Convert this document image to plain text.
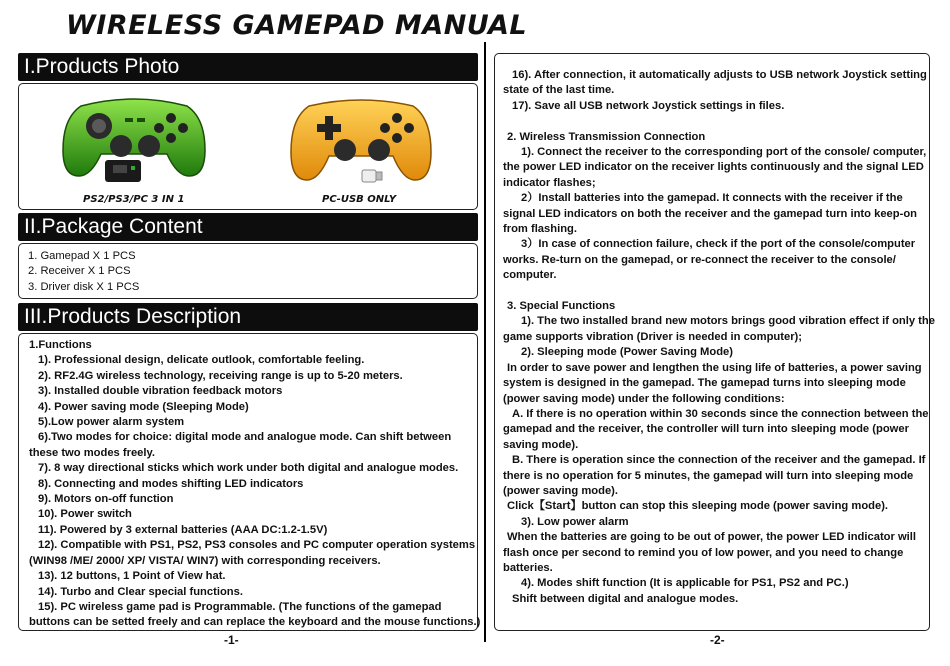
WIRELESS GAMEPAD MANUAL
I.Products Photo
PS2/PS3/PC 3 IN 1	PC-USB ONLY
II.Package Content
1. Gamepad X 1 PCS
2. Receiver X 1 PCS
3. Driver disk X 1 PCS
III.Products Description
1.Functions
1). Professional design, delicate outlook, comfortable feeling.
2). RF2.4G wireless technology, receiving range is up to 5-20 meters.
3). Installed double vibration feedback motors
4). Power saving mode (Sleeping Mode)
5).Low power alarm system
6).Two modes for choice: digital mode and analogue mode. Can shift between
these two modes freely.
7). 8 way directional sticks which work under both digital and analogue modes.
8). Connecting and modes shifting LED indicators
9). Motors on-off function
10). Power switch
11). Powered by 3 external batteries (AAA DC:1.2-1.5V)
12). Compatible with PS1, PS2, PS3 consoles and PC computer operation systems
(WIN98 /ME/ 2000/ XP/ VISTA/ WIN7) with corresponding receivers.
13). 12 buttons, 1 Point of View hat.
14). Turbo and Clear special functions.
15). PC wireless game pad is Programmable. (The functions of the gamepad
buttons can be setted freely and can replace the keyboard and the mouse functions.)
16). After connection, it automatically adjusts to USB network Joystick setting
state of the last time.
17). Save all USB network Joystick settings in files.
2. Wireless Transmission Connection
1). Connect the receiver to the corresponding port of the console/ computer,
the power LED indicator on the receiver lights continuously and the signal LED
indicator flashes;
2）Install batteries into the gamepad. It connects with the receiver if the
signal LED indicators on both the receiver and the gamepad turn into keep-on
from flashing.
3）In case of connection failure, check if the port of the console/computer
works. Re-turn on the gamepad, or re-connect the receiver to the console/
computer.
3. Special Functions
1). The two installed brand new motors brings good vibration effect if only the
game supports vibration (Driver is needed in computer);
2). Sleeping mode (Power Saving Mode)
In order to save power and lengthen the using life of batteries, a power saving
system is designed in the gamepad. The gamepad turns into sleeping mode
(power saving mode) under the following conditions:
A. If there is no operation within 30 seconds since the connection between the
gamepad and the receiver, the controller will turn into sleeping mode (power
saving mode).
B. There is operation since the connection of the receiver and the gamepad. If
there is no operation for 5 minutes, the gamepad will turn into sleeping mode
(power saving mode).
Click【Start】button can stop this sleeping mode (power saving mode).
3). Low power alarm
When the batteries are going to be out of power, the power LED indicator will
flash once per second to remind you of low power, and you need to change
batteries.
4). Modes shift function (It is applicable for PS1, PS2 and PC.)
Shift between digital and analogue modes.
-1-	-2-
